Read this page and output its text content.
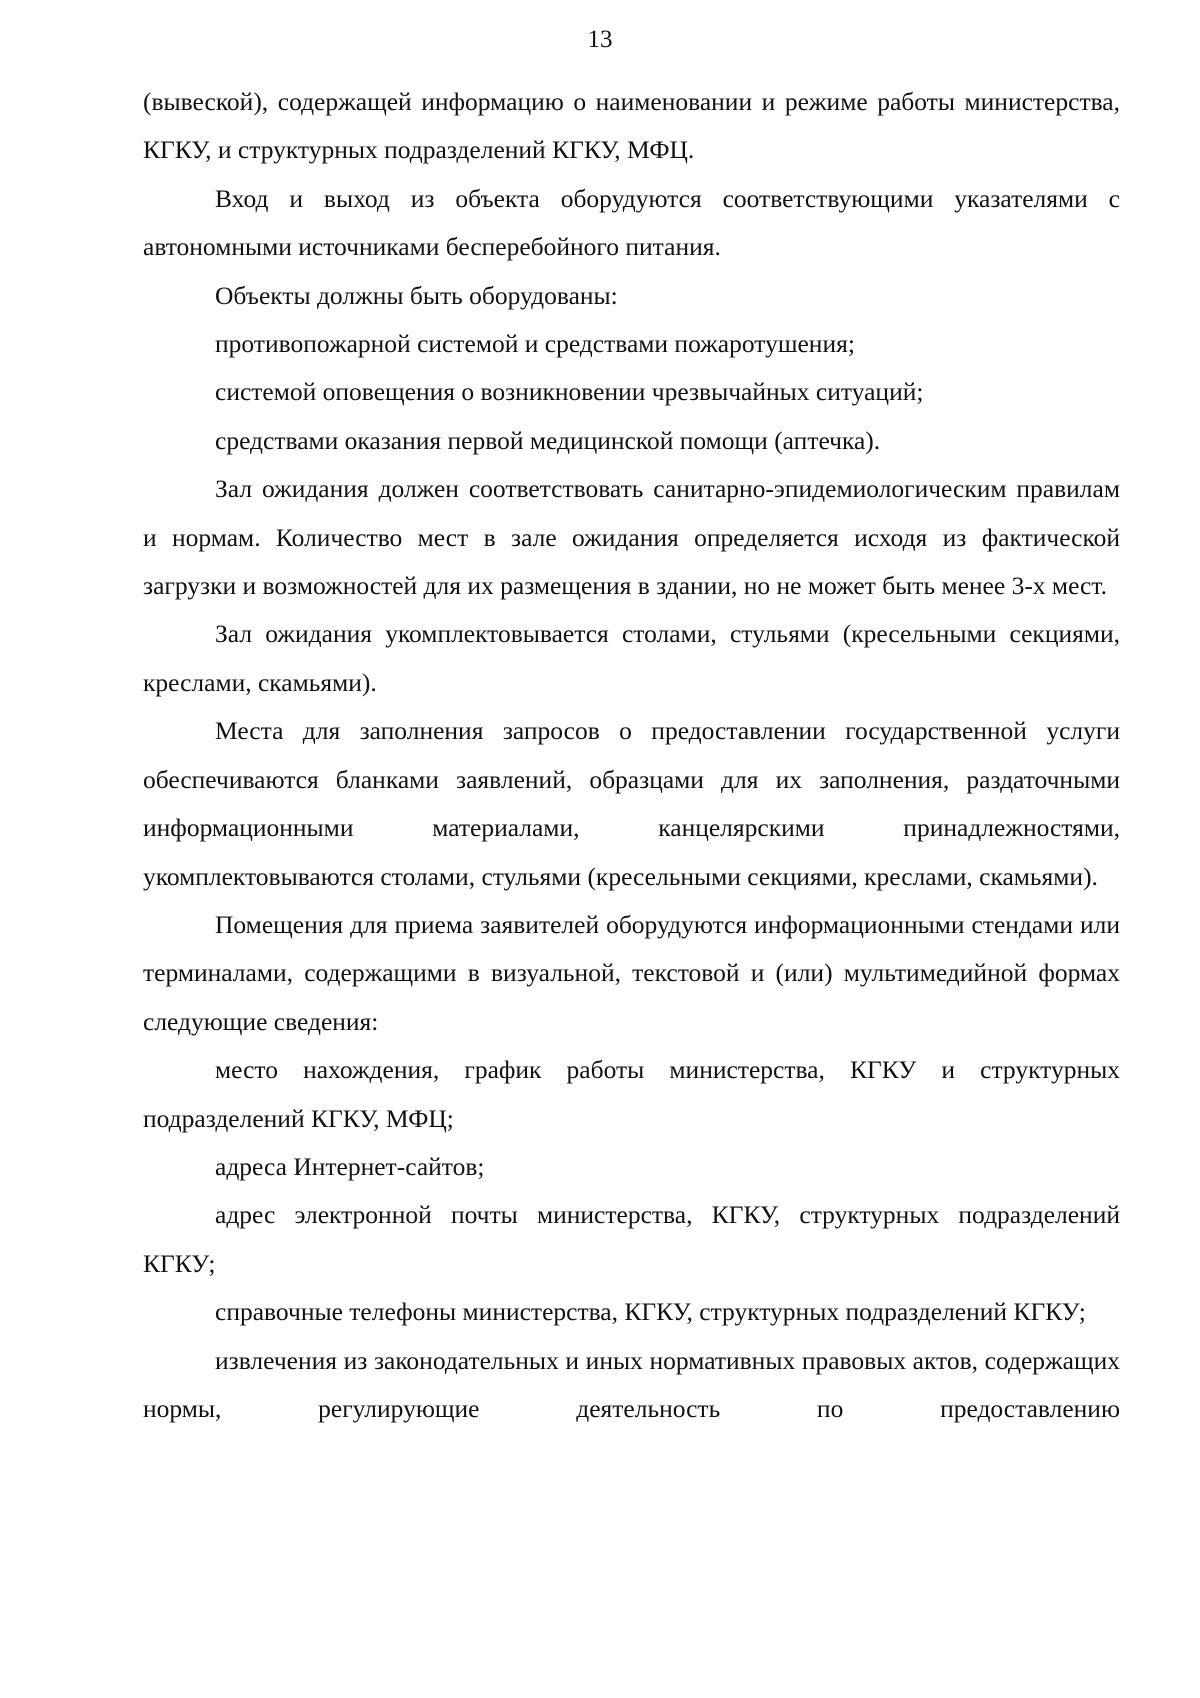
13

(вывеской), содержащей информацию о наименовании и режиме работы министерства, КГКУ, и структурных подразделений КГКУ, МФЦ.

Вход и выход из объекта оборудуются соответствующими указателями с автономными источниками бесперебойного питания.

Объекты должны быть оборудованы:

противопожарной системой и средствами пожаротушения;

системой оповещения о возникновении чрезвычайных ситуаций;

средствами оказания первой медицинской помощи (аптечка).

Зал ожидания должен соответствовать санитарно-эпидемиологическим правилам и нормам. Количество мест в зале ожидания определяется исходя из фактической загрузки и возможностей для их размещения в здании, но не может быть менее 3-х мест.

Зал ожидания укомплектовывается столами, стульями (кресельными секциями, креслами, скамьями).

Места для заполнения запросов о предоставлении государственной услуги обеспечиваются бланками заявлений, образцами для их заполнения, раздаточными информационными материалами, канцелярскими принадлежностями, укомплектовываются столами, стульями (кресельными секциями, креслами, скамьями).

Помещения для приема заявителей оборудуются информационными стендами или терминалами, содержащими в визуальной, текстовой и (или) мультимедийной формах следующие сведения:

место нахождения, график работы министерства, КГКУ и структурных подразделений КГКУ, МФЦ;

адреса Интернет-сайтов;

адрес электронной почты министерства, КГКУ, структурных подразделений КГКУ;

справочные телефоны министерства, КГКУ, структурных подразделений КГКУ;

извлечения из законодательных и иных нормативных правовых актов, содержащих нормы, регулирующие деятельность по предоставлению
